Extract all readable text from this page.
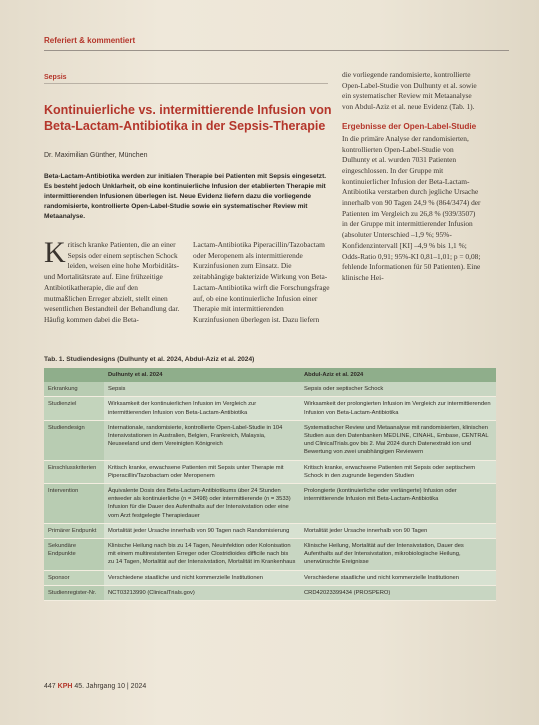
Referiert & kommentiert
Sepsis
Kontinuierliche vs. intermittierende Infusion von Beta-Lactam-Antibiotika in der Sepsis-Therapie
Dr. Maximilian Günther, München

Beta-Lactam-Antibiotika werden zur initialen Therapie bei Patienten mit Sepsis eingesetzt. Es besteht jedoch Unklarheit, ob eine kontinuierliche Infusion der etablierten Therapie mit intermittierenden Infusionen überlegen ist. Neue Evidenz liefern dazu die vorliegende randomisierte, kontrollierte Open-Label-Studie sowie ein systematischer Review mit Metaanalyse.

Kritisch kranke Patienten, die an einer Sepsis oder einem septischen Schock leiden, weisen eine hohe Morbiditäts- und Mortalitätsrate auf. Eine frühzeitige Antibiotikatherapie, die auf den mutmaßlichen Erreger abzielt, stellt einen wesentlichen Bestandteil der Behandlung dar. Häufig kommen dabei die Beta-
Lactam-Antibiotika Piperacillin/Tazobactam oder Meropenem als intermittierende Kurzinfusionen zum Einsatz. Die zeitabhängige bakterizide Wirkung von Beta-Lactam-Antibiotika wirft die Forschungsfrage auf, ob eine kontinuierliche Infusion einer Therapie mit intermittierenden Kurzinfusionen überlegen ist. Dazu liefern

die vorliegende randomisierte, kontrollierte Open-Label-Studie von Dulhunty et al. sowie ein systematischer Review mit Metaanalyse von Abdul-Aziz et al. neue Evidenz (Tab. 1).

Ergebnisse der Open-Label-Studie

In die primäre Analyse der randomisierten, kontrollierten Open-Label-Studie von Dulhunty et al. wurden 7031 Patienten eingeschlossen. In der Gruppe mit kontinuierlicher Infusion der Beta-Lactam-Antibiotika verstarben durch jegliche Ursache innerhalb von 90 Tagen 24,9 % (864/3474) der Patienten im Vergleich zu 26,8 % (939/3507) in der Gruppe mit intermittierender Infusion (absoluter Unterschied –1,9 %; 95%-Konfidenzintervall [KI] –4,9 % bis 1,1 %; Odds-Ratio 0,91; 95%-KI 0,81–1,01; p = 0,08; fehlende Informationen für 50 Patienten). Eine klinische Hei-

Tab. 1. Studiendesigns (Dulhunty et al. 2024, Abdul-Aziz et al. 2024)
	Dulhunty et al. 2024	Abdul-Aziz et al. 2024
Erkrankung	Sepsis	Sepsis oder septischer Schock
Studienziel	Wirksamkeit der kontinuierlichen Infusion im Vergleich zur intermittierenden Infusion von Beta-Lactam-Antibiotika	Wirksamkeit der prolongierten Infusion im Vergleich zur intermittierenden Infusion von Beta-Lactam-Antibiotika
Studiendesign	Internationale, randomisierte, kontrollierte Open-Label-Studie in 104 Intensivstationen in Australien, Belgien, Frankreich, Malaysia, Neuseeland und dem Vereinigten Königreich	Systematischer Review und Metaanalyse mit randomisierten, klinischen Studien aus den Datenbanken MEDLINE, CINAHL, Embase, CENTRAL und ClinicalTrials.gov bis 2. Mai 2024 durch Datenextrakt ion und Bewertung von zwei unabhängigen Reviewern
Einschlusskriterien	Kritisch kranke, erwachsene Patienten mit Sepsis unter Therapie mit Piperacillin/Tazobactam oder Meropenem	Kritisch kranke, erwachsene Patienten mit Sepsis oder septischem Schock in den zugrunde liegenden Studien
Intervention	Äquivalente Dosis des Beta-Lactam-Antibiotikums über 24 Stunden entweder als kontinuierliche (n = 3498) oder intermittierende (n = 3533) Infusion für die Dauer des Aufenthalts auf der Intensivstation oder eine vom Arzt festgelegte Therapiedauer	Prolongierte (kontinuierliche oder verlängerte) Infusion oder intermittierende Infusion mit Beta-Lactam-Antibiotika
Primärer Endpunkt	Mortalität jeder Ursache innerhalb von 90 Tagen nach Randomisierung	Mortalität jeder Ursache innerhalb von 90 Tagen
Sekundäre Endpunkte	Klinische Heilung nach bis zu 14 Tagen, Neuinfektion oder Kolonisation mit einem multiresistenten Erreger oder Clostridioides difficile nach bis zu 14 Tagen, Mortalität auf der Intensivstation, Mortalität im Krankenhaus	Klinische Heilung, Mortalität auf der Intensivstation, Dauer des Aufenthalts auf der Intensivstation, mikrobiologische Heilung, unerwünschte Ereignisse
Sponsor	Verschiedene staatliche und nicht kommerzielle Institutionen	Verschiedene staatliche und nicht kommerzielle Institutionen
Studienregister-Nr.	NCT03213990 (ClinicalTrials.gov)	CRD42023399434 (PROSPERO)
447 KPH 45. Jahrgang 10 | 2024
